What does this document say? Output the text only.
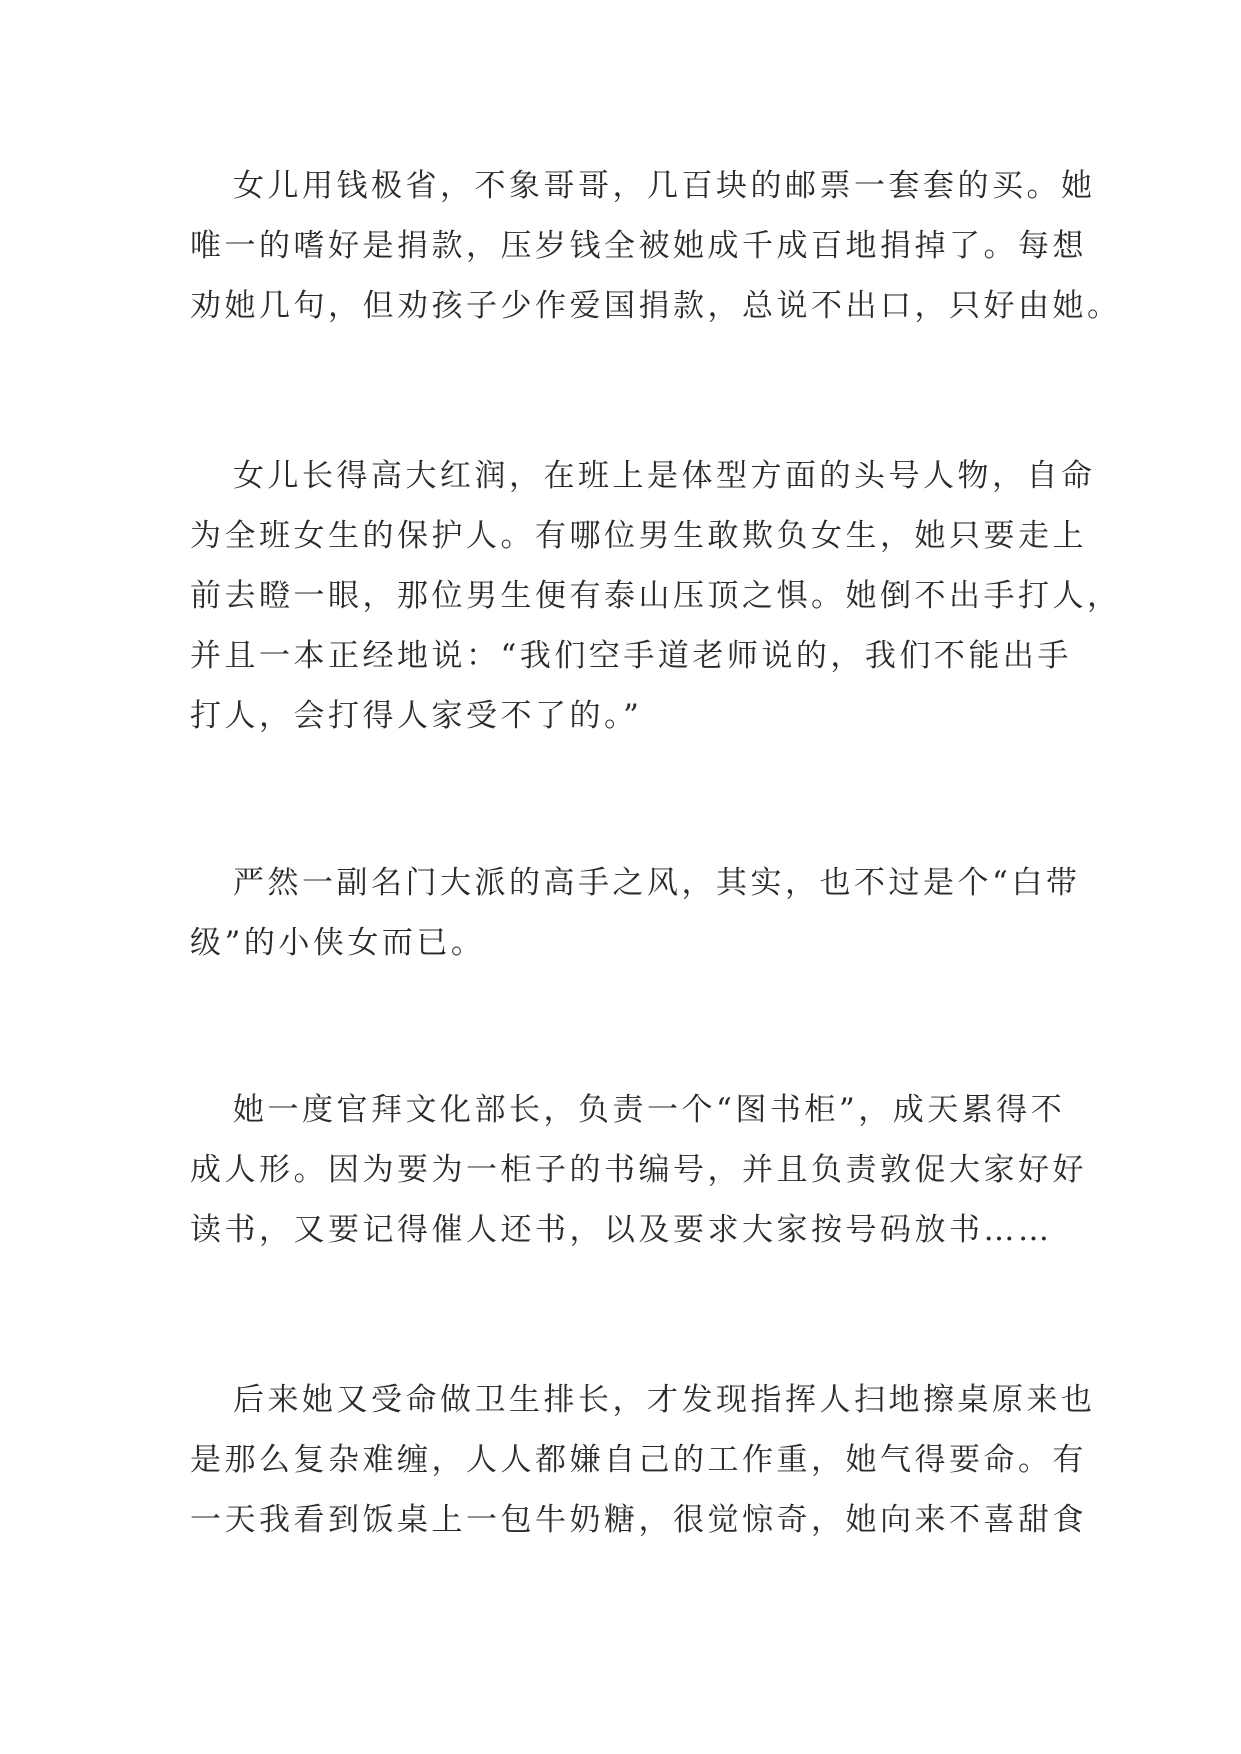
女儿用钱极省，不象哥哥，几百块的邮票一套套的买。她
唯一的嗜好是捐款，压岁钱全被她成千成百地捐掉了。每想
劝她几句，但劝孩子少作爱国捐款，总说不出口，只好由她。
女儿长得高大红润，在班上是体型方面的头号人物，自命
为全班女生的保护人。有哪位男生敢欺负女生，她只要走上
前去瞪一眼，那位男生便有泰山压顶之惧。她倒不出手打人，
并且一本正经地说：“我们空手道老师说的，我们不能出手
打人，会打得人家受不了的。”
严然一副名门大派的高手之风，其实，也不过是个“白带
级”的小侠女而已。
她一度官拜文化部长，负责一个“图书柜”，成天累得不
成人形。因为要为一柜子的书编号，并且负责敦促大家好好
读书，又要记得催人还书，以及要求大家按号码放书……
后来她又受命做卫生排长，才发现指挥人扫地擦桌原来也
是那么复杂难缠，人人都嫌自己的工作重，她气得要命。有
一天我看到饭桌上一包牛奶糖，很觉惊奇，她向来不喜甜食
